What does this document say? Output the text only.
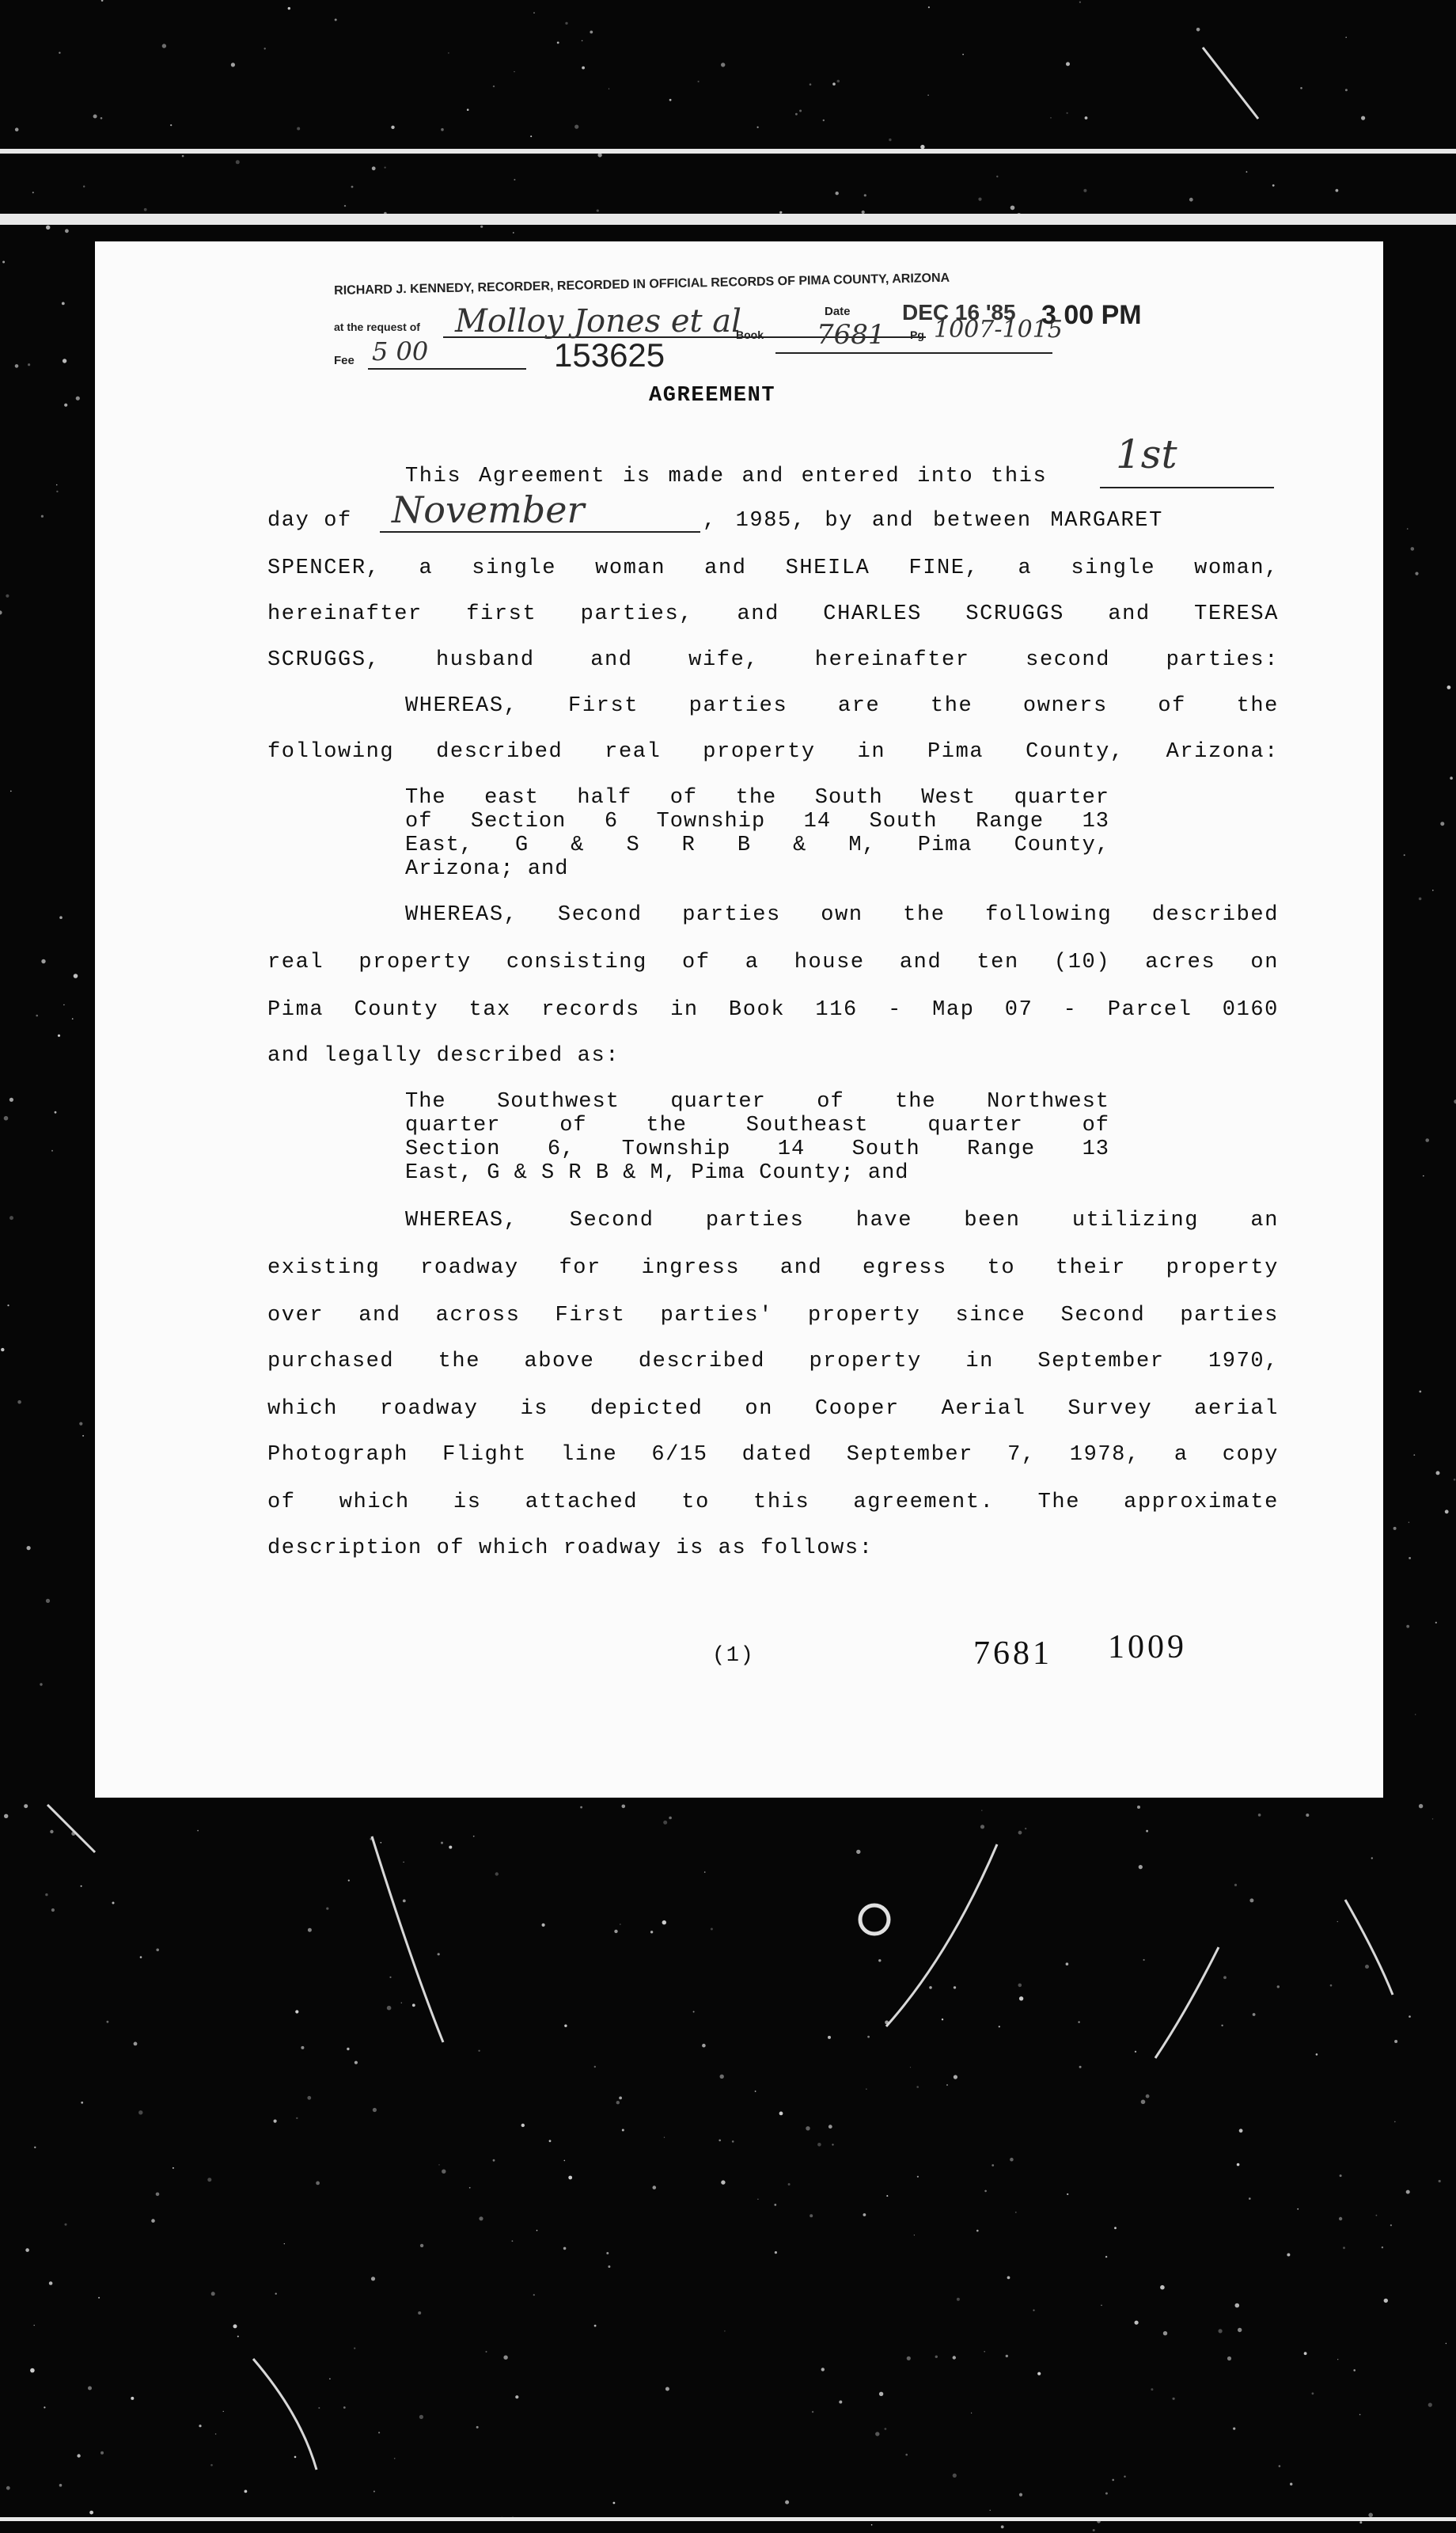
RICHARD J. KENNEDY, RECORDER, RECORDED IN OFFICIAL RECORDS OF PIMA COUNTY, ARIZONA
at the request of Molloy Jones et al	Date DEC 16 '85 3 00 PM
Fee 5 00	153625
Book 7681 Pg 1007-1015
AGREEMENT
This Agreement is made and entered into this 1st
day of November	, 1985, by and between MARGARET
SPENCER, a single woman and SHEILA FINE, a single woman,
hereinafter first parties, and CHARLES SCRUGGS and TERESA
SCRUGGS, husband and wife, hereinafter second parties:
WHEREAS, First parties are the owners of the
following described real property in Pima County, Arizona:
The east half of the South West quarter
of Section 6 Township 14 South Range 13
East, G & S R B & M, Pima County,
Arizona; and
WHEREAS, Second parties own the following described
real property consisting of a house and ten (10) acres on
Pima County tax records in Book 116 - Map 07 - Parcel 0160
and legally described as:
The Southwest quarter of the Northwest
quarter of the Southeast quarter of
Section 6, Township 14 South Range 13
East, G & S R B & M, Pima County; and
WHEREAS, Second parties have been utilizing an
existing roadway for ingress and egress to their property
over and across First parties' property since Second parties
purchased the above described property in September 1970,
which roadway is depicted on Cooper Aerial Survey aerial
Photograph Flight line 6/15 dated September 7, 1978, a copy
of which is attached to this agreement. The approximate
description of which roadway is as follows:
(1)	7681 1009
